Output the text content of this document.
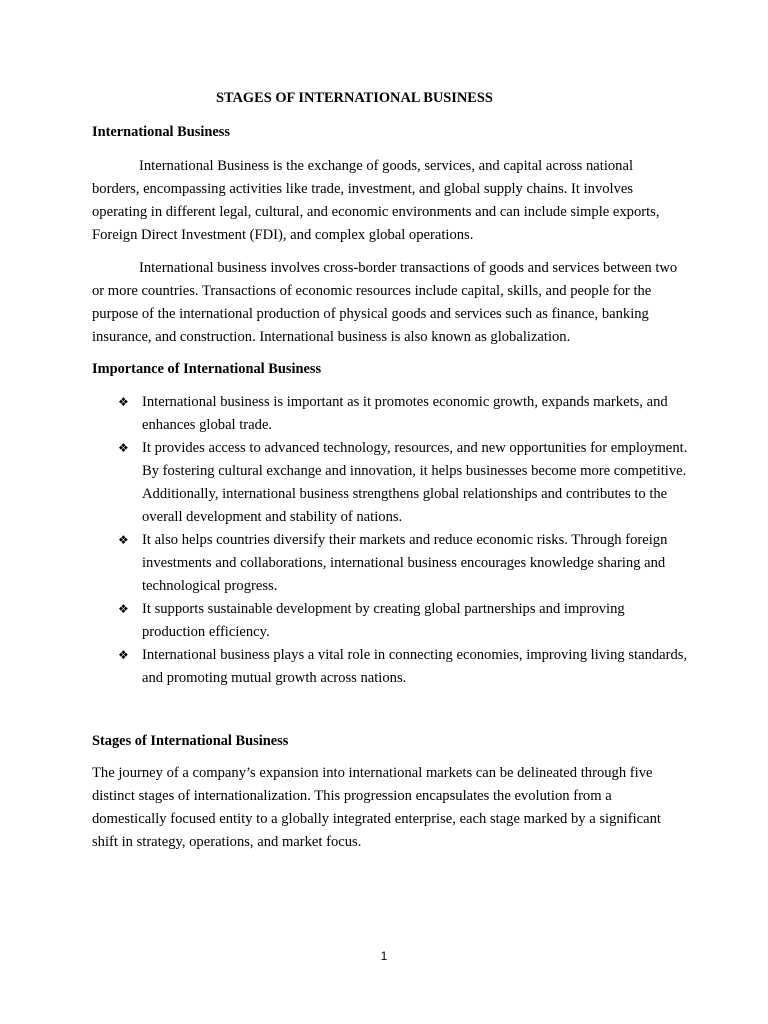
STAGES OF INTERNATIONAL BUSINESS
International Business

International Business is the exchange of goods, services, and capital across national borders, encompassing activities like trade, investment, and global supply chains. It involves operating in different legal, cultural, and economic environments and can include simple exports, Foreign Direct Investment (FDI), and complex global operations.

International business involves cross-border transactions of goods and services between two or more countries. Transactions of economic resources include capital, skills, and people for the purpose of the international production of physical goods and services such as finance, banking insurance, and construction. International business is also known as globalization.

Importance of International Business
❖ International business is important as it promotes economic growth, expands markets, and enhances global trade.
❖ It provides access to advanced technology, resources, and new opportunities for employment. By fostering cultural exchange and innovation, it helps businesses become more competitive. Additionally, international business strengthens global relationships and contributes to the overall development and stability of nations.
❖ It also helps countries diversify their markets and reduce economic risks. Through foreign investments and collaborations, international business encourages knowledge sharing and technological progress.
❖ It supports sustainable development by creating global partnerships and improving production efficiency.
❖ International business plays a vital role in connecting economies, improving living standards, and promoting mutual growth across nations.
Stages of International Business

The journey of a company’s expansion into international markets can be delineated through five distinct stages of internationalization. This progression encapsulates the evolution from a domestically focused entity to a globally integrated enterprise, each stage marked by a significant shift in strategy, operations, and market focus.

1
